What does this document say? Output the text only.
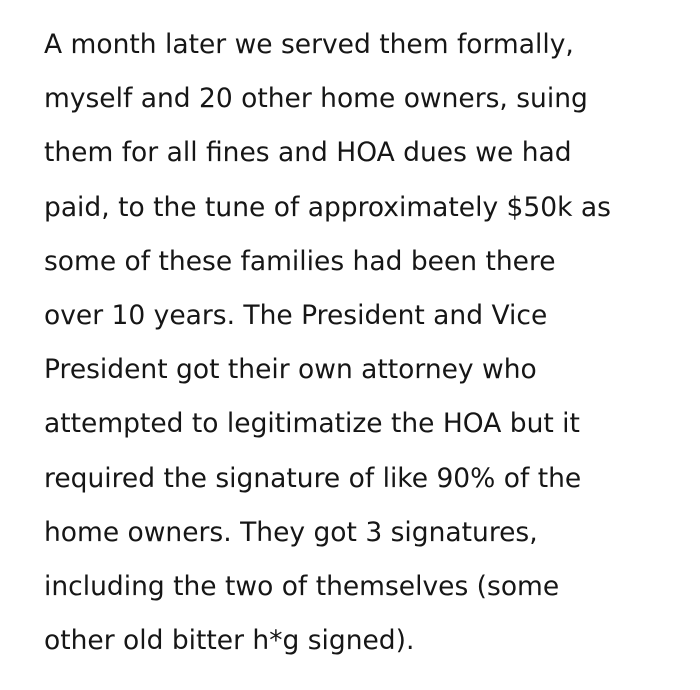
A month later we served them formally,
myself and 20 other home owners, suing
them for all fines and HOA dues we had
paid, to the tune of approximately $50k as
some of these families had been there
over 10 years. The President and Vice
President got their own attorney who
attempted to legitimatize the HOA but it
required the signature of like 90% of the
home owners. They got 3 signatures,
including the two of themselves (some
other old bitter h*g signed).
